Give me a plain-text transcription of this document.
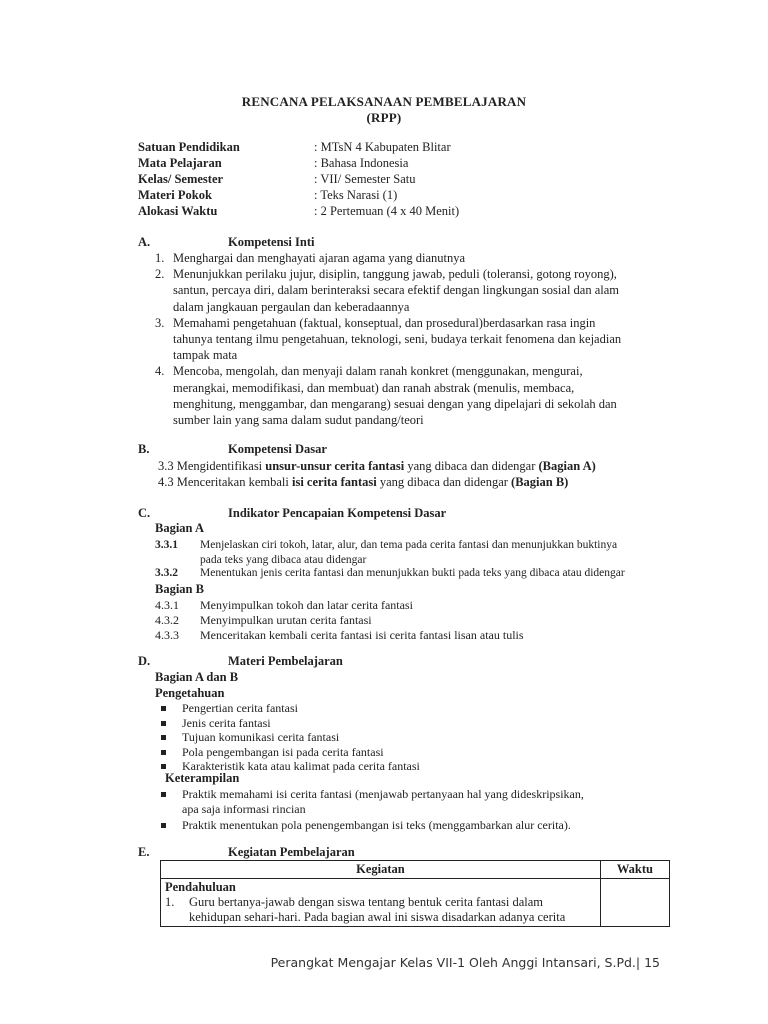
RENCANA PELAKSANAAN PEMBELAJARAN
(RPP)
Satuan Pendidikan	: MTsN 4 Kabupaten Blitar
Mata Pelajaran	: Bahasa Indonesia
Kelas/ Semester	: VII/ Semester Satu
Materi Pokok	: Teks Narasi (1)
Alokasi Waktu	: 2 Pertemuan (4 x 40 Menit)
A.	Kompetensi Inti
1. Menghargai dan menghayati ajaran agama yang dianutnya
2. Menunjukkan perilaku jujur, disiplin, tanggung jawab, peduli (toleransi, gotong royong),
santun, percaya diri, dalam berinteraksi secara efektif dengan lingkungan sosial dan alam
dalam jangkauan pergaulan dan keberadaannya
3. Memahami pengetahuan (faktual, konseptual, dan prosedural)berdasarkan rasa ingin
tahunya tentang ilmu pengetahuan, teknologi, seni, budaya terkait fenomena dan kejadian
tampak mata
4. Mencoba, mengolah, dan menyaji dalam ranah konkret (menggunakan, mengurai,
merangkai, memodifikasi, dan membuat) dan ranah abstrak (menulis, membaca,
menghitung, menggambar, dan mengarang) sesuai dengan yang dipelajari di sekolah dan
sumber lain yang sama dalam sudut pandang/teori
B.	Kompetensi Dasar
3.3 Mengidentifikasi unsur-unsur cerita fantasi yang dibaca dan didengar (Bagian A)
4.3 Menceritakan kembali isi cerita fantasi yang dibaca dan didengar (Bagian B)
C.	Indikator Pencapaian Kompetensi Dasar
Bagian A
3.3.1 Menjelaskan ciri tokoh, latar, alur, dan tema pada cerita fantasi dan menunjukkan buktinya
pada teks yang dibaca atau didengar
3.3.2 Menentukan jenis cerita fantasi dan menunjukkan bukti pada teks yang dibaca atau didengar
Bagian B
4.3.1 Menyimpulkan tokoh dan latar cerita fantasi
4.3.2 Menyimpulkan urutan cerita fantasi
4.3.3 Menceritakan kembali cerita fantasi isi cerita fantasi lisan atau tulis
D.	Materi Pembelajaran
Bagian A dan B
Pengetahuan
Pengertian cerita fantasi
Jenis cerita fantasi
Tujuan komunikasi cerita fantasi
Pola pengembangan isi pada cerita fantasi
Karakteristik kata atau kalimat pada cerita fantasi
Keterampilan
Praktik memahami isi cerita fantasi (menjawab pertanyaan hal yang dideskripsikan,
apa saja informasi rincian
Praktik menentukan pola penengembangan isi teks (menggambarkan alur cerita).
E.	Kegiatan Pembelajaran
Kegiatan	Waktu

Pendahuluan
1. Guru bertanya-jawab dengan siswa tentang bentuk cerita fantasi dalam
kehidupan sehari-hari. Pada bagian awal ini siswa disadarkan adanya cerita	

Perangkat Mengajar Kelas VII-1 Oleh Anggi Intansari, S.Pd.| 15
